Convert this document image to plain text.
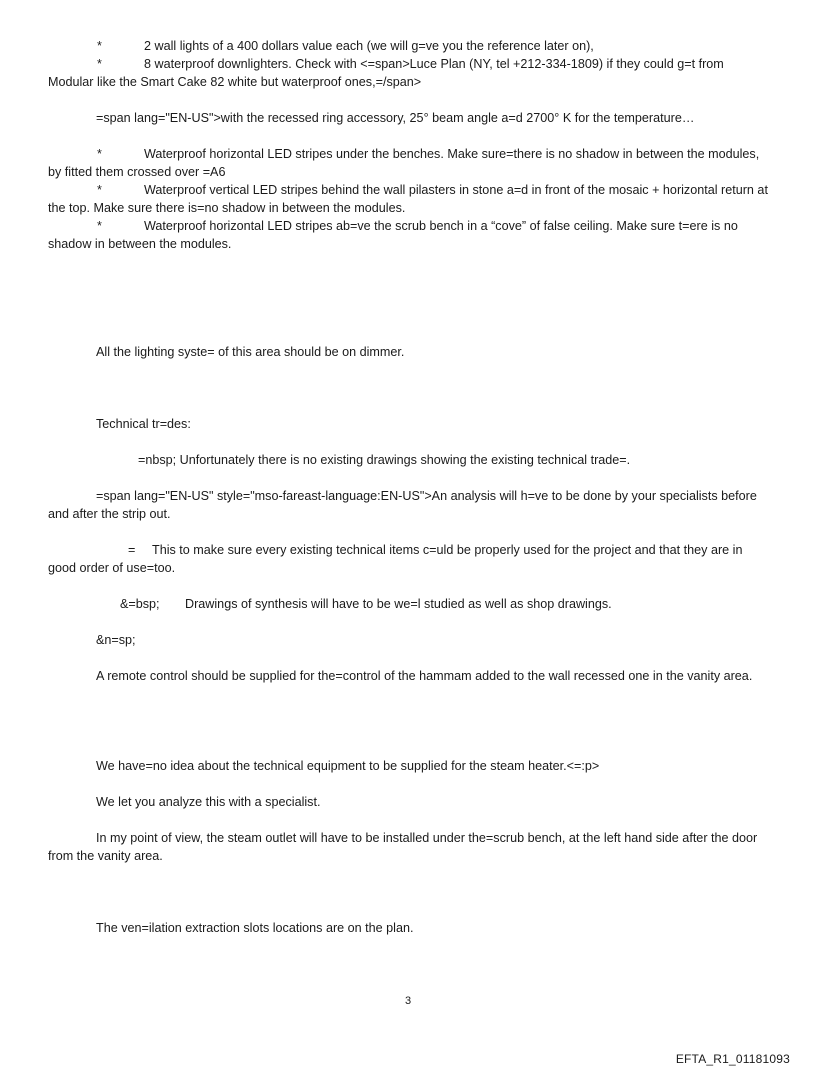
*	2 wall lights of a 400 dollars value each (we will g=ve you the reference later on),
*	8 waterproof downlighters. Check with <=span>Luce Plan (NY, tel +212-334-1809) if they could g=t from Modular like the Smart Cake 82 white but waterproof ones,=/span>
=span lang="EN-US">with the recessed ring accessory, 25° beam angle a=d 2700° K for the temperature…
*	Waterproof horizontal LED stripes under the benches. Make sure=there is no shadow in between the modules, by fitted them crossed over =A6
*	Waterproof vertical LED stripes behind the wall pilasters in stone a=d in front of the mosaic + horizontal return at the top. Make sure there is=no shadow in between the modules.
*	Waterproof horizontal LED stripes ab=ve the scrub bench in a “cove” of false ceiling. Make sure t=ere is no shadow in between the modules.
All the lighting syste= of this area should be on dimmer.
Technical tr=des:
=nbsp; Unfortunately there is no existing drawings showing the existing technical trade=.
=span lang="EN-US" style="mso-fareast-language:EN-US">An analysis will h=ve to be done by your specialists before and after the strip out.
=	This to make sure every existing technical items c=uld be properly used for the project and that they are in good order of use=too.
&=bsp; Drawings of synthesis will have to be we=l studied as well as shop drawings.
&n=sp;
A remote control should be supplied for the=control of the hammam added to the wall recessed one in the vanity area.
We have=no idea about the technical equipment to be supplied for the steam heater.<=:p>
We let you analyze this with a specialist.
In my point of view, the steam outlet will have to be installed under the=scrub bench, at the left hand side after the door from the vanity area.
The ven=ilation extraction slots locations are on the plan.
3
EFTA_R1_01181093
